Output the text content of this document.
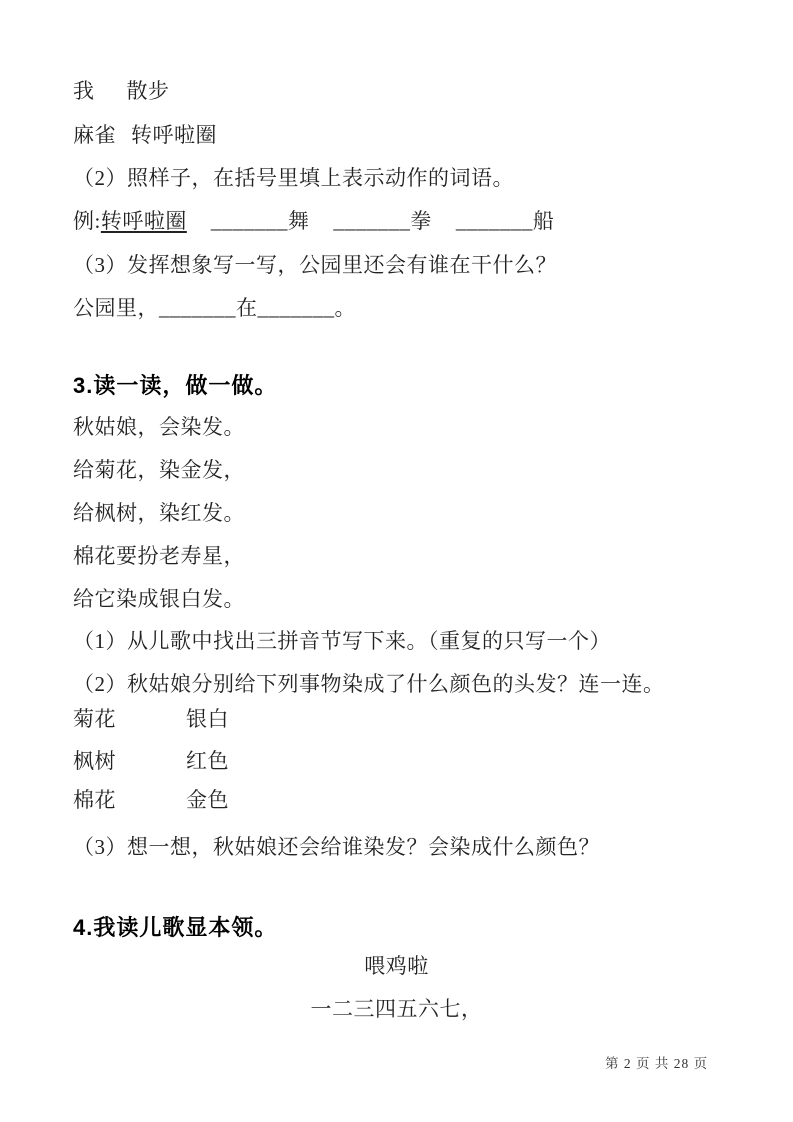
我 散步

麻雀 转呼啦圈

（2）照样子，在括号里填上表示动作的词语。

例:转呼啦圈 _______舞 _______拳 _______船

（3）发挥想象写一写，公园里还会有谁在干什么？

公园里，_______在_______。

3.读一读，做一做。

秋姑娘，会染发。

给菊花，染金发，

给枫树，染红发。

棉花要扮老寿星，

给它染成银白发。

（1）从儿歌中找出三拼音节写下来。（重复的只写一个）

（2）秋姑娘分别给下列事物染成了什么颜色的头发？连一连。

菊花	银白

枫树	红色

棉花	金色

（3）想一想，秋姑娘还会给谁染发？会染成什么颜色？

4.我读儿歌显本领。

喂鸡啦

一二三四五六七，

第 2 页 共 28 页
